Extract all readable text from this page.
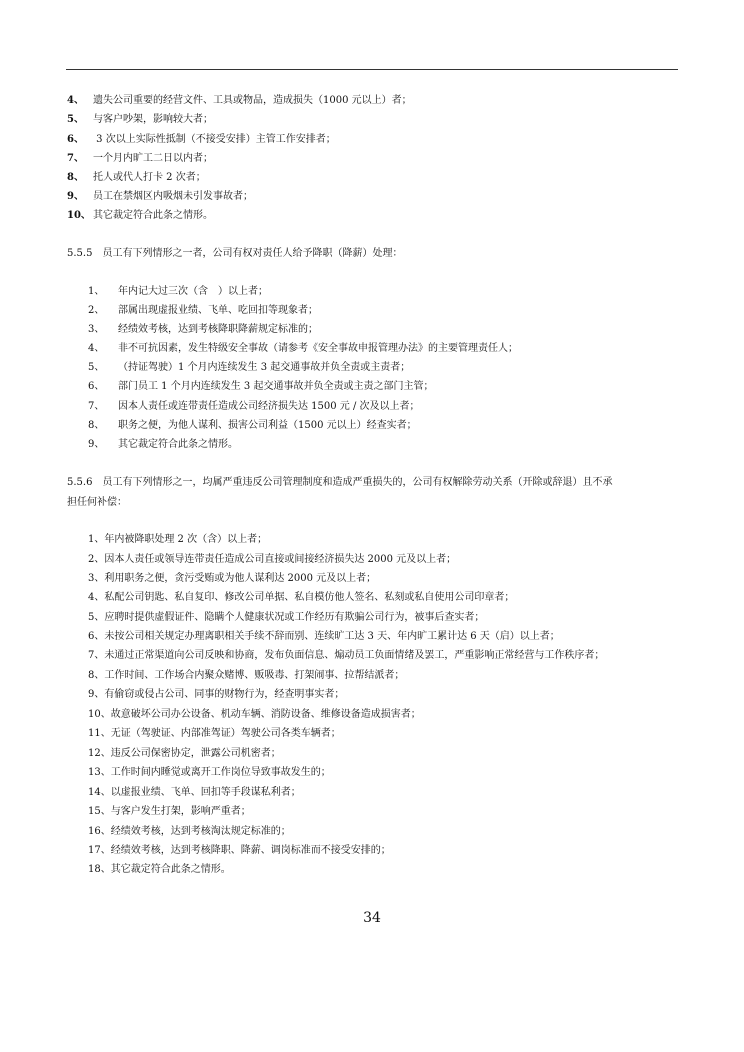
4、 遗失公司重要的经营文件、工具或物品，造成损失（1000 元以上）者；
5、 与客户吵架，影响较大者；
6、 3 次以上实际性抵制（不接受安排）主管工作安排者；
7、 一个月内旷工二日以内者；
8、 托人或代人打卡 2 次者；
9、 员工在禁烟区内吸烟未引发事故者；
10、 其它裁定符合此条之情形。
5.5.5　员工有下列情形之一者，公司有权对责任人给予降职（降薪）处理：
1、 年内记大过三次（含　）以上者；
2、 部属出现虚报业绩、飞单、吃回扣等现象者；
3、 经绩效考核，达到考核降职降薪规定标准的；
4、 非不可抗因素，发生特级安全事故（请参考《安全事故申报管理办法》的主要管理责任人；
5、 （持证驾驶）1 个月内连续发生 3 起交通事故并负全责或主责者；
6、 部门员工 1 个月内连续发生 3 起交通事故并负全责或主责之部门主管；
7、 因本人责任或连带责任造成公司经济损失达 1500 元 / 次及以上者；
8、 职务之便，为他人谋利、损害公司利益（1500 元以上）经查实者；
9、 其它裁定符合此条之情形。
5.5.6　员工有下列情形之一，均属严重违反公司管理制度和造成严重损失的，公司有权解除劳动关系（开除或辞退）且不承
担任何补偿：
1、年内被降职处理 2 次（含）以上者；
2、因本人责任或领导连带责任造成公司直接或间接经济损失达 2000 元及以上者；
3、利用职务之便，贪污受贿或为他人谋利达 2000 元及以上者；
4、私配公司钥匙、私自复印、修改公司单据、私自模仿他人签名、私刻或私自使用公司印章者；
5、应聘时提供虚假证件、隐瞒个人健康状况或工作经历有欺骗公司行为，被事后查实者；
6、未按公司相关规定办理离职相关手续不辞而别、连续旷工达 3 天、年内旷工累计达 6 天（启）以上者；
7、未通过正常渠道向公司反映和协商，发布负面信息、煽动员工负面情绪及罢工，严重影响正常经营与工作秩序者；
8、工作时间、工作场合内聚众赌博、贩吸毒、打架闹事、拉帮结派者；
9、有偷窃或侵占公司、同事的财物行为，经查明事实者；
10、故意破坏公司办公设备、机动车辆、消防设备、维修设备造成损害者；
11、无证（驾驶证、内部准驾证）驾驶公司各类车辆者；
12、违反公司保密协定，泄露公司机密者；
13、工作时间内睡觉或离开工作岗位导致事故发生的；
14、以虚报业绩、飞单、回扣等手段谋私利者；
15、与客户发生打架，影响严重者；
16、经绩效考核，达到考核淘汰规定标准的；
17、经绩效考核，达到考核降职、降薪、调岗标准而不接受安排的；
18、其它裁定符合此条之情形。
34
